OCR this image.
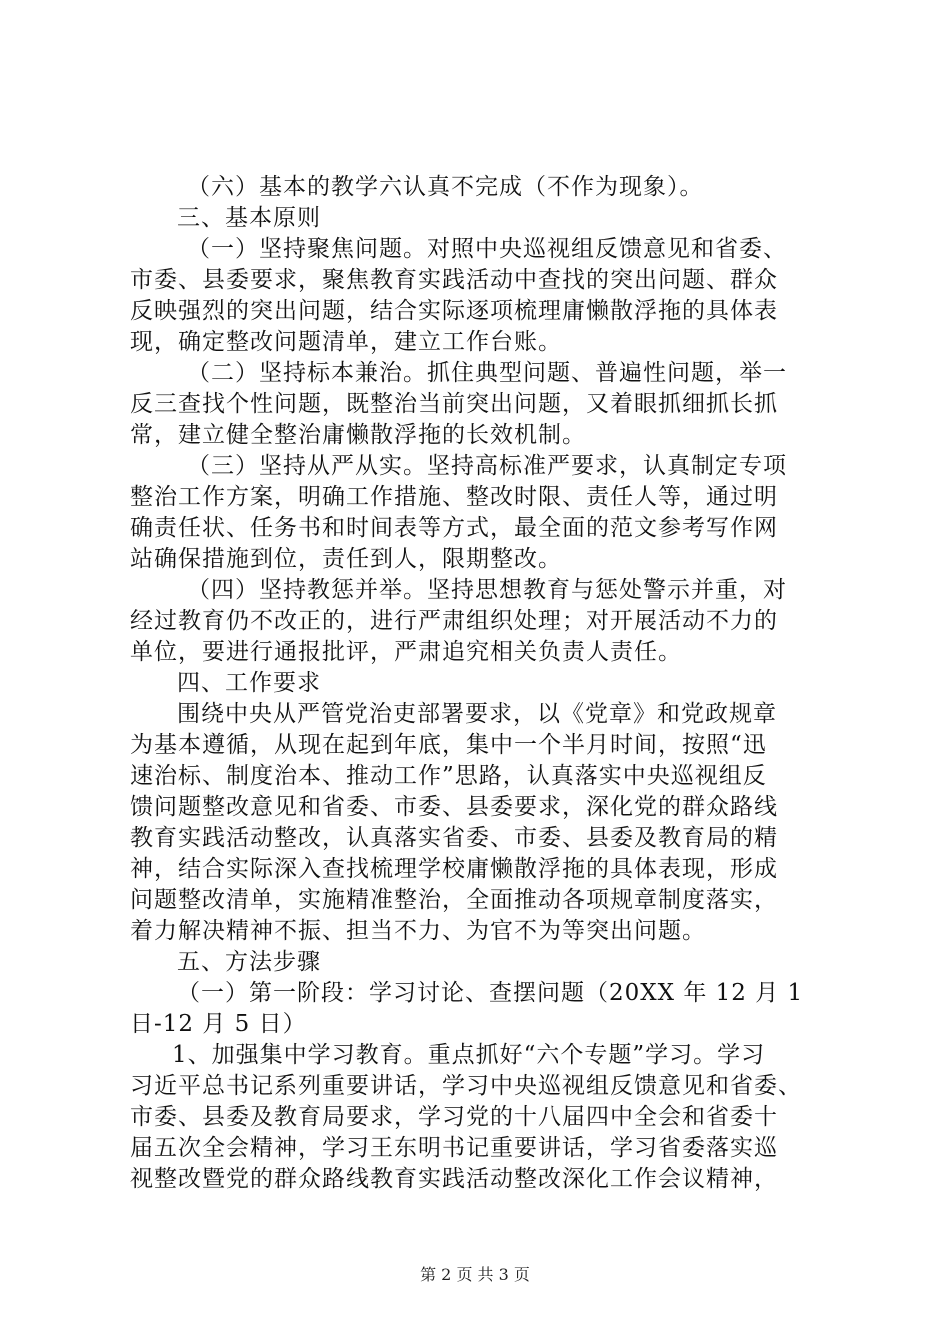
（六）基本的教学六认真不完成（不作为现象）。
三、基本原则
（一）坚持聚焦问题。对照中央巡视组反馈意见和省委、
市委、县委要求，聚焦教育实践活动中查找的突出问题、群众
反映强烈的突出问题，结合实际逐项梳理庸懒散浮拖的具体表
现，确定整改问题清单，建立工作台账。
（二）坚持标本兼治。抓住典型问题、普遍性问题，举一
反三查找个性问题，既整治当前突出问题，又着眼抓细抓长抓
常，建立健全整治庸懒散浮拖的长效机制。
（三）坚持从严从实。坚持高标准严要求，认真制定专项
整治工作方案，明确工作措施、整改时限、责任人等，通过明
确责任状、任务书和时间表等方式，最全面的范文参考写作网
站确保措施到位，责任到人，限期整改。
（四）坚持教惩并举。坚持思想教育与惩处警示并重，对
经过教育仍不改正的，进行严肃组织处理；对开展活动不力的
单位，要进行通报批评，严肃追究相关负责人责任。
四、工作要求
围绕中央从严管党治吏部署要求，以《党章》和党政规章
为基本遵循，从现在起到年底，集中一个半月时间，按照“迅
速治标、制度治本、推动工作”思路，认真落实中央巡视组反
馈问题整改意见和省委、市委、县委要求，深化党的群众路线
教育实践活动整改，认真落实省委、市委、县委及教育局的精
神，结合实际深入查找梳理学校庸懒散浮拖的具体表现，形成
问题整改清单，实施精准整治，全面推动各项规章制度落实，
着力解决精神不振、担当不力、为官不为等突出问题。
五、方法步骤
（一）第一阶段：学习讨论、查摆问题（20XX 年 12 月 1
日-12 月 5 日）
1、加强集中学习教育。重点抓好“六个专题”学习。学习
习近平总书记系列重要讲话，学习中央巡视组反馈意见和省委、
市委、县委及教育局要求，学习党的十八届四中全会和省委十
届五次全会精神，学习王东明书记重要讲话，学习省委落实巡
视整改暨党的群众路线教育实践活动整改深化工作会议精神，
第 2 页 共 3 页
